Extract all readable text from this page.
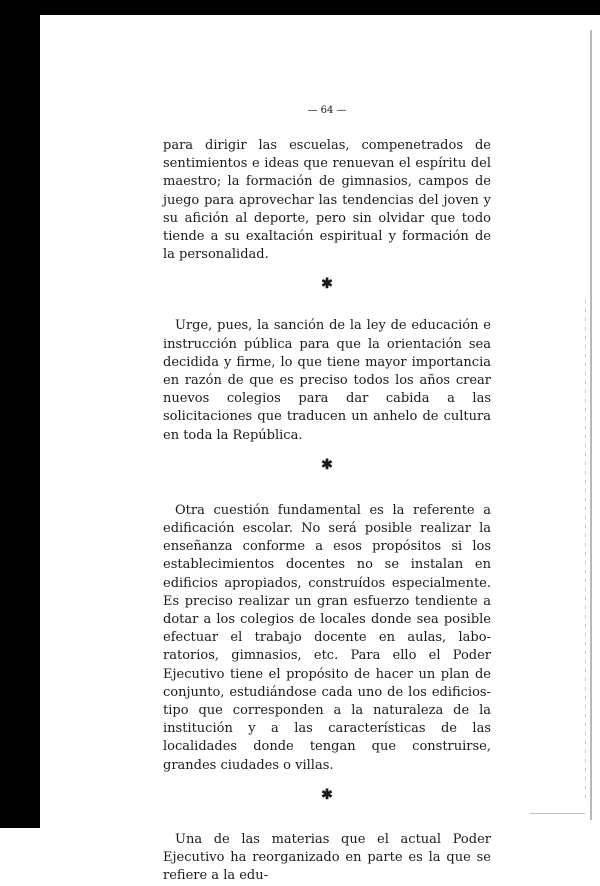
— 64 —

para dirigir las escuelas, compenetrados de sentimientos e ideas que renuevan el espíritu del maestro; la formación de gimnasios, campos de juego para aprovechar las tendencias del joven y su afición al deporte, pero sin olvidar que todo tiende a su exaltación espiritual y formación de la personalidad.

✱

Urge, pues, la sanción de la ley de educación e instrucción pública para que la orientación sea decidida y firme, lo que tiene mayor importancia en razón de que es preciso todos los años crear nuevos colegios para dar cabida a las solicitaciones que traducen un anhelo de cultura en toda la República.

✱

Otra cuestión fundamental es la referente a edificación escolar. No será posible realizar la enseñanza conforme a esos propósitos si los establecimientos docentes no se instalan en edificios apropiados, construídos especialmente. Es preciso realizar un gran esfuerzo tendiente a dotar a los colegios de locales donde sea posible efectuar el trabajo docente en aulas, laboratorios, gimnasios, etc. Para ello el Poder Ejecutivo tiene el propósito de hacer un plan de conjunto, estudiándose cada uno de los edificios-tipo que corresponden a la naturaleza de la institución y a las características de las localidades donde tengan que construirse, grandes ciudades o villas.

✱

Una de las materias que el actual Poder Ejecutivo ha reorganizado en parte es la que se refiere a la edu-
